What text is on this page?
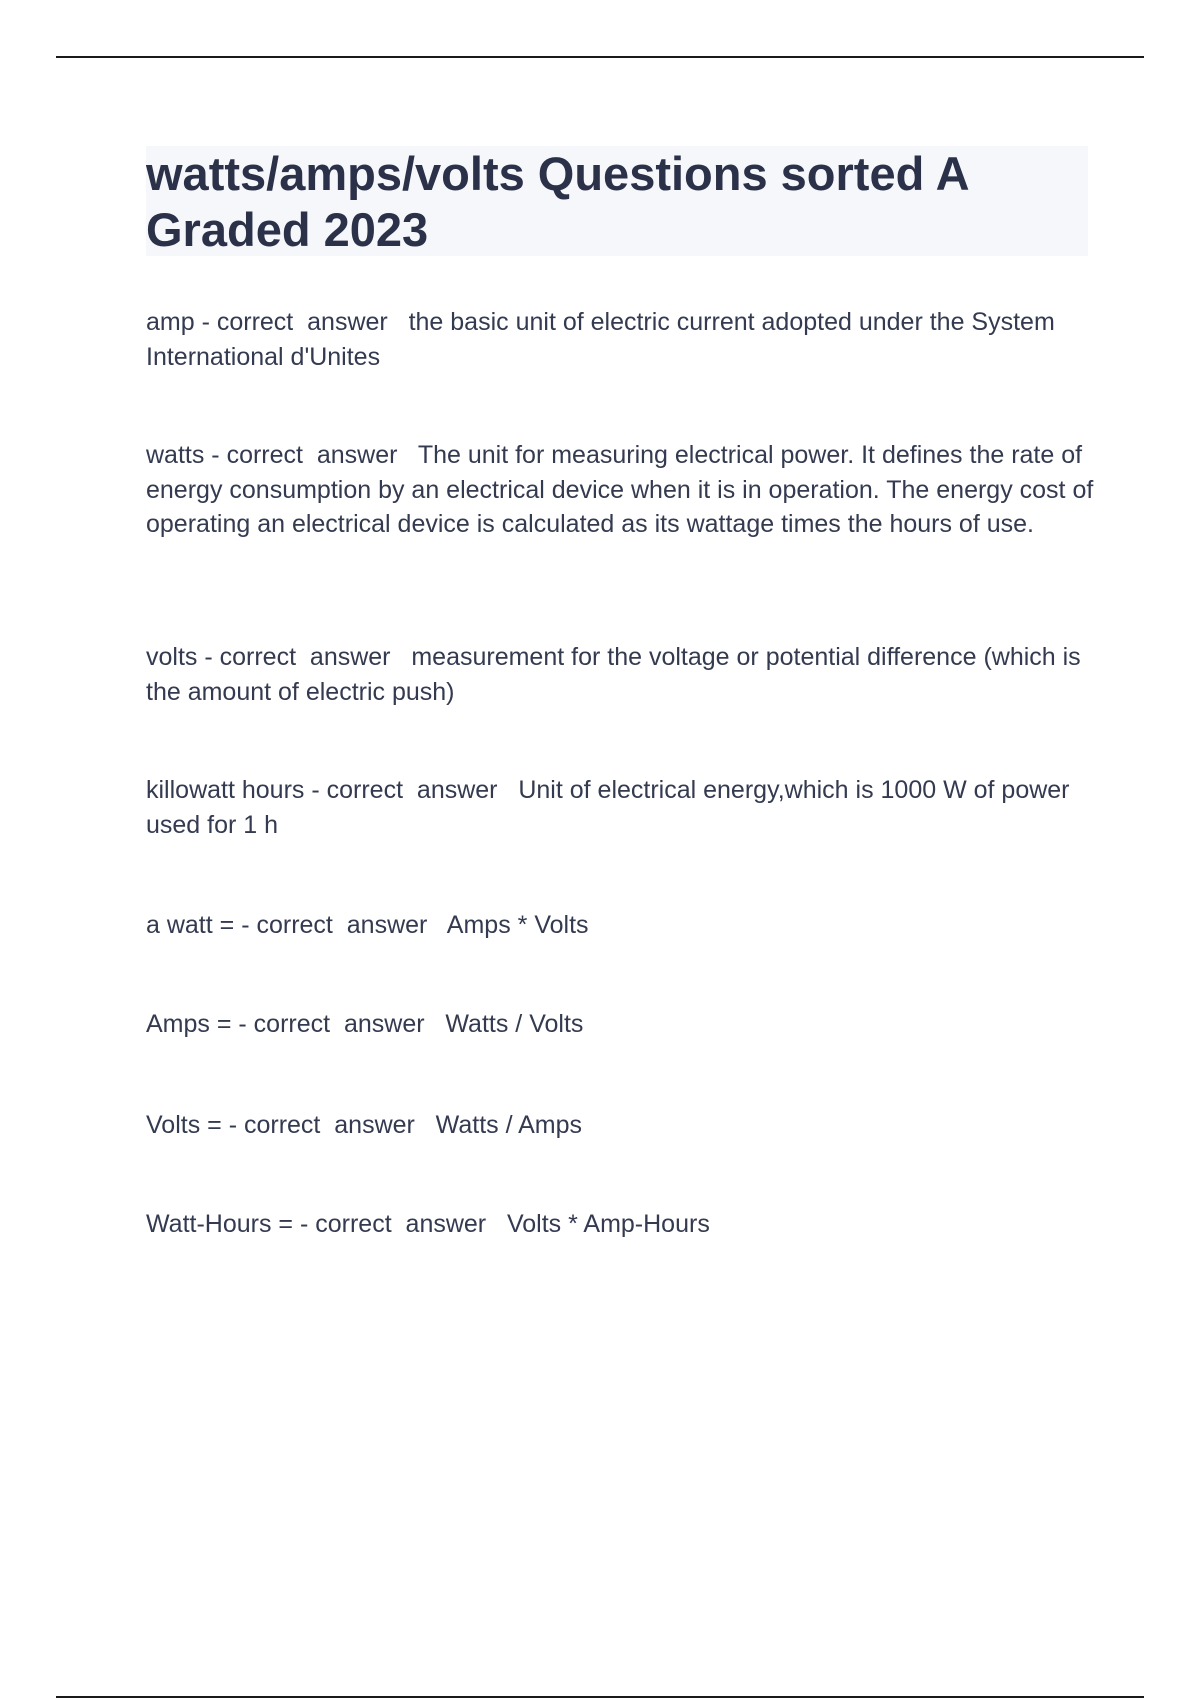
watts/amps/volts Questions sorted A Graded 2023

amp - correct  answer   the basic unit of electric current adopted under the System International d'Unites

watts - correct  answer   The unit for measuring electrical power. It defines the rate of energy consumption by an electrical device when it is in operation. The energy cost of operating an electrical device is calculated as its wattage times the hours of use.

volts - correct  answer   measurement for the voltage or potential difference (which is the amount of electric push)

killowatt hours - correct  answer   Unit of electrical energy,which is 1000 W of power used for 1 h

a watt = - correct  answer   Amps * Volts

Amps = - correct  answer   Watts / Volts

Volts = - correct  answer   Watts / Amps

Watt-Hours = - correct  answer   Volts * Amp-Hours
